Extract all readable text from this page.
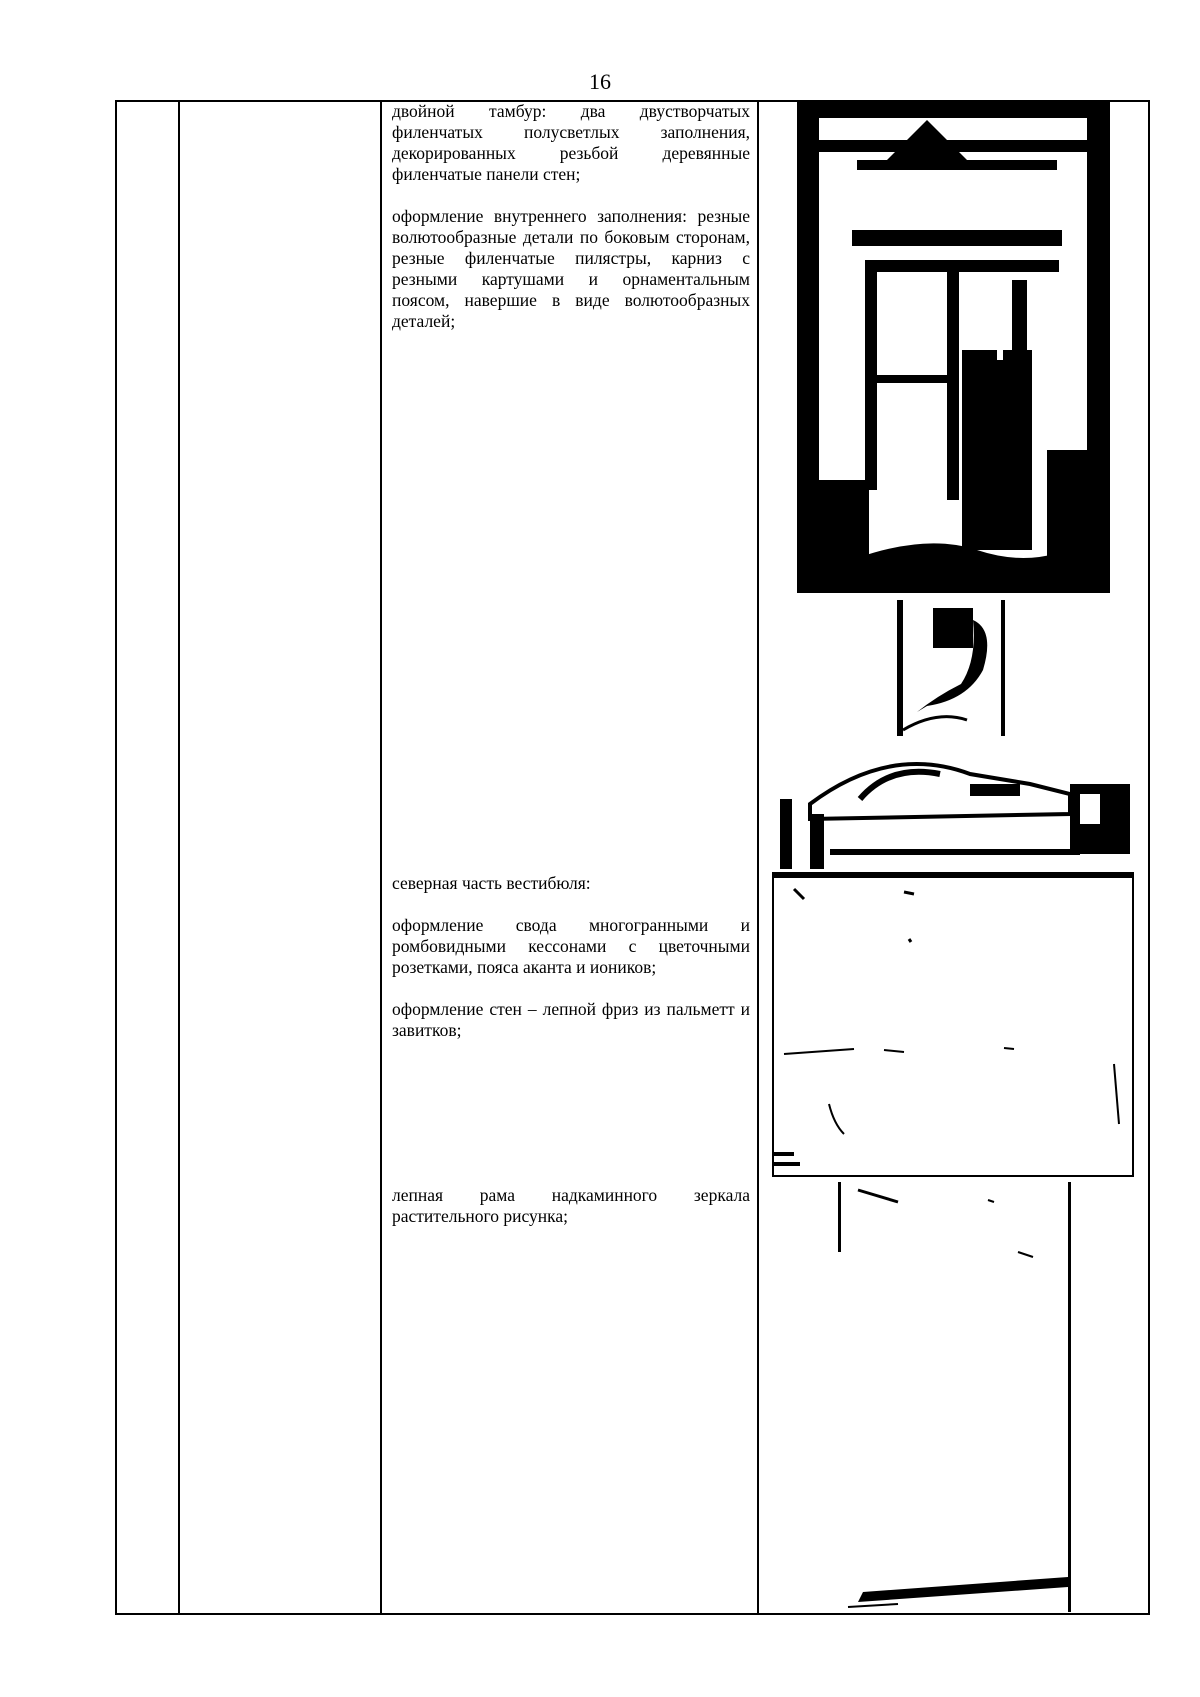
16

двойной тамбур: два двустворчатых филенчатых полусветлых заполнения, декорированных резьбой деревянные филенчатые панели стен;

оформление внутреннего заполнения: резные волютообразные детали по боковым сторонам, резные филенчатые пилястры, карниз с резными картушами и орнаментальным поясом, навершие в виде волютообразных деталей;

северная часть вестибюля:

оформление свода многогранными и ромбовидными кессонами с цветочными розетками, пояса аканта и иоников;

оформление стен – лепной фриз из пальметт и завитков;

лепная рама надкаминного зеркала растительного рисунка;
